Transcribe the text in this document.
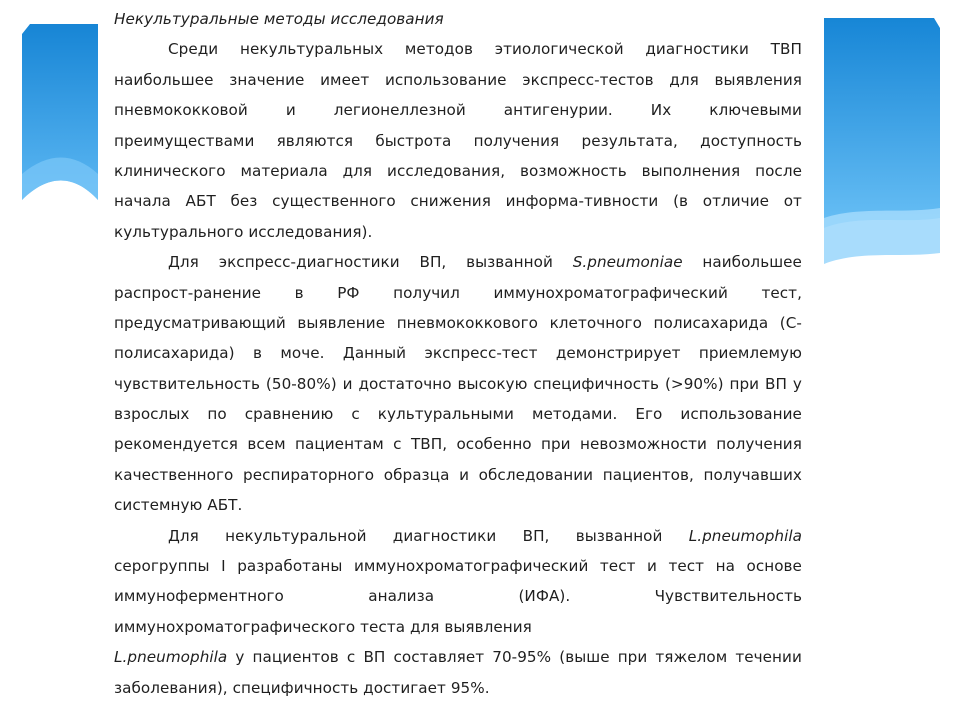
Некультуральные методы исследования

Среди некультуральных методов этиологической диагностики ТВП
наибольшее значение имеет использование экспресс-тестов для выявления
пневмококковой и легионеллезной антигенурии. Их ключевыми
преимуществами являются быстрота получения результата, доступность
клинического материала для исследования, возможность выполнения после
начала АБТ без существенного снижения информа-тивности (в отличие от
культурального исследования).
Для экспресс-диагностики ВП, вызванной S.pneumoniae наибольшее
распрост-ранение в РФ получил иммунохроматографический тест,
предусматривающий выявление пневмококкового клеточного полисахарида (С-
полисахарида) в моче. Данный экспресс-тест демонстрирует приемлемую
чувствительность (50-80%) и достаточно высокую специфичность (>90%) при ВП у
взрослых по сравнению с культуральными методами. Его использование
рекомендуется всем пациентам с ТВП, особенно при невозможности получения
качественного респираторного образца и обследовании пациентов, получавших
системную АБТ.
Для некультуральной диагностики ВП, вызванной L.pneumophila
серогруппы I разработаны иммунохроматографический тест и тест на основе
иммуноферментного	анализа	(ИФА).	Чувствительность
иммунохроматографического теста для выявления
L.pneumophila у пациентов с ВП составляет 70-95% (выше при тяжелом течении
заболевания), специфичность достигает 95%.
